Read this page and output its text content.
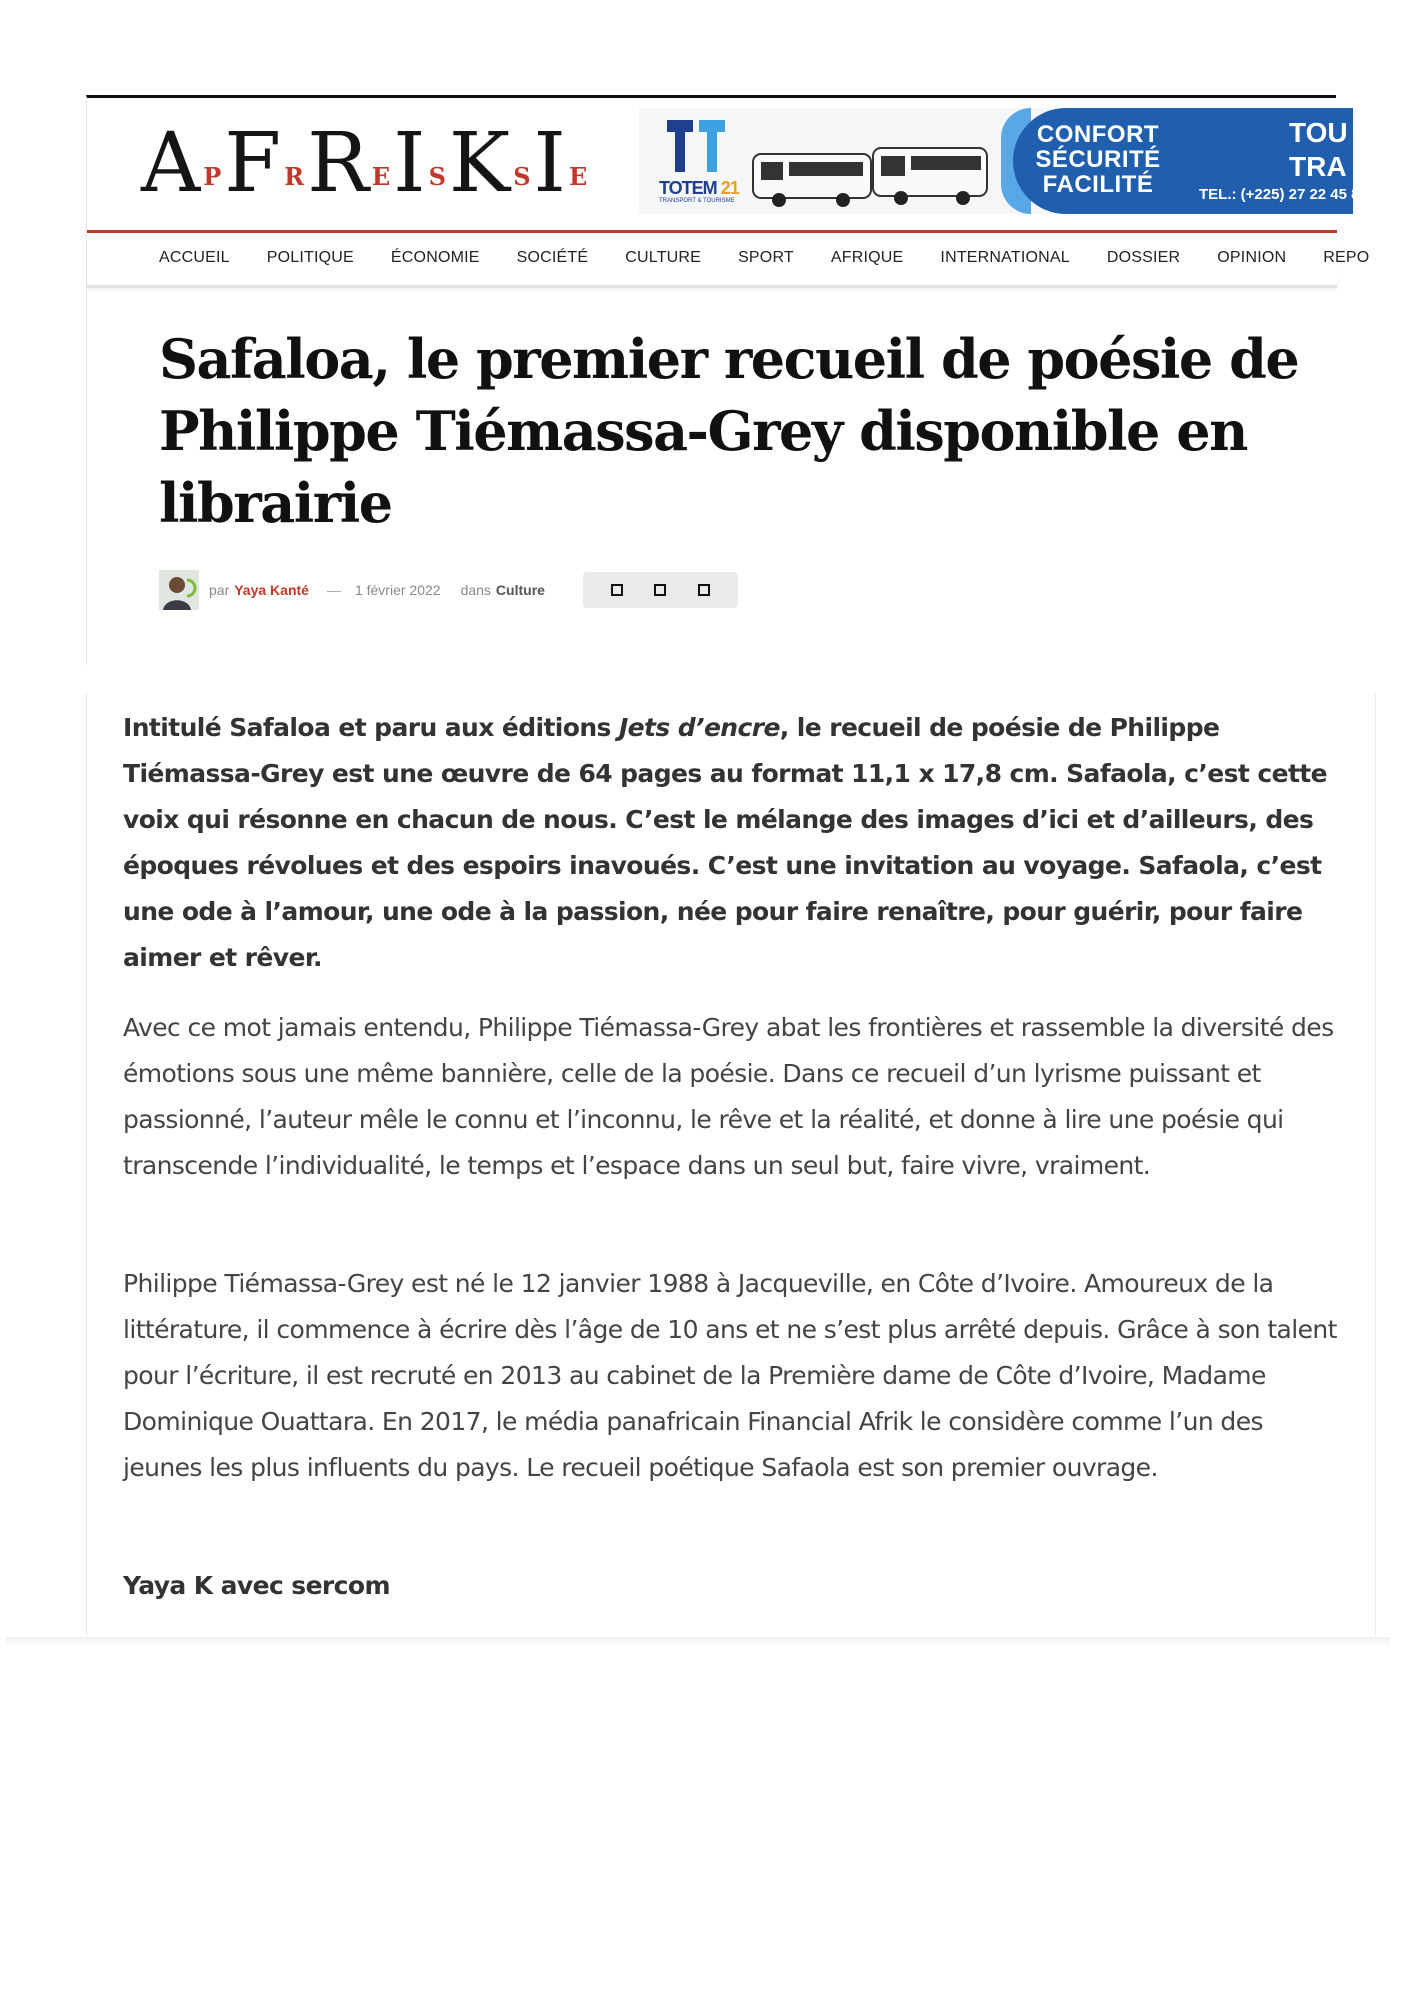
A P F R R E I S K S I E	TOTEM 21
TRANSPORT & TOURISME
CONFORT
SÉCURITÉ
FACILITÉ
TOU
TRA
TEL.: (+225) 27 22 45 8
ACCUEIL	POLITIQUE	ÉCONOMIE	SOCIÉTÉ	CULTURE	SPORT	AFRIQUE	INTERNATIONAL	DOSSIER	OPINION	REPO
Safaloa, le premier recueil de poésie de Philippe Tiémassa-Grey disponible en librairie
par Yaya Kanté — 1 février 2022 dans Culture

Intitulé Safaloa et paru aux éditions Jets d’encre, le recueil de poésie de Philippe Tiémassa-Grey est une œuvre de 64 pages au format 11,1 x 17,8 cm. Safaola, c’est cette voix qui résonne en chacun de nous. C’est le mélange des images d’ici et d’ailleurs, des époques révolues et des espoirs inavoués. C’est une invitation au voyage. Safaola, c’est une ode à l’amour, une ode à la passion, née pour faire renaître, pour guérir, pour faire aimer et rêver.

Avec ce mot jamais entendu, Philippe Tiémassa-Grey abat les frontières et rassemble la diversité des émotions sous une même bannière, celle de la poésie. Dans ce recueil d’un lyrisme puissant et passionné, l’auteur mêle le connu et l’inconnu, le rêve et la réalité, et donne à lire une poésie qui transcende l’individualité, le temps et l’espace dans un seul but, faire vivre, vraiment.

Philippe Tiémassa-Grey est né le 12 janvier 1988 à Jacqueville, en Côte d’Ivoire. Amoureux de la littérature, il commence à écrire dès l’âge de 10 ans et ne s’est plus arrêté depuis. Grâce à son talent pour l’écriture, il est recruté en 2013 au cabinet de la Première dame de Côte d’Ivoire, Madame Dominique Ouattara. En 2017, le média panafricain Financial Afrik le considère comme l’un des jeunes les plus influents du pays. Le recueil poétique Safaola est son premier ouvrage.

Yaya K avec sercom
